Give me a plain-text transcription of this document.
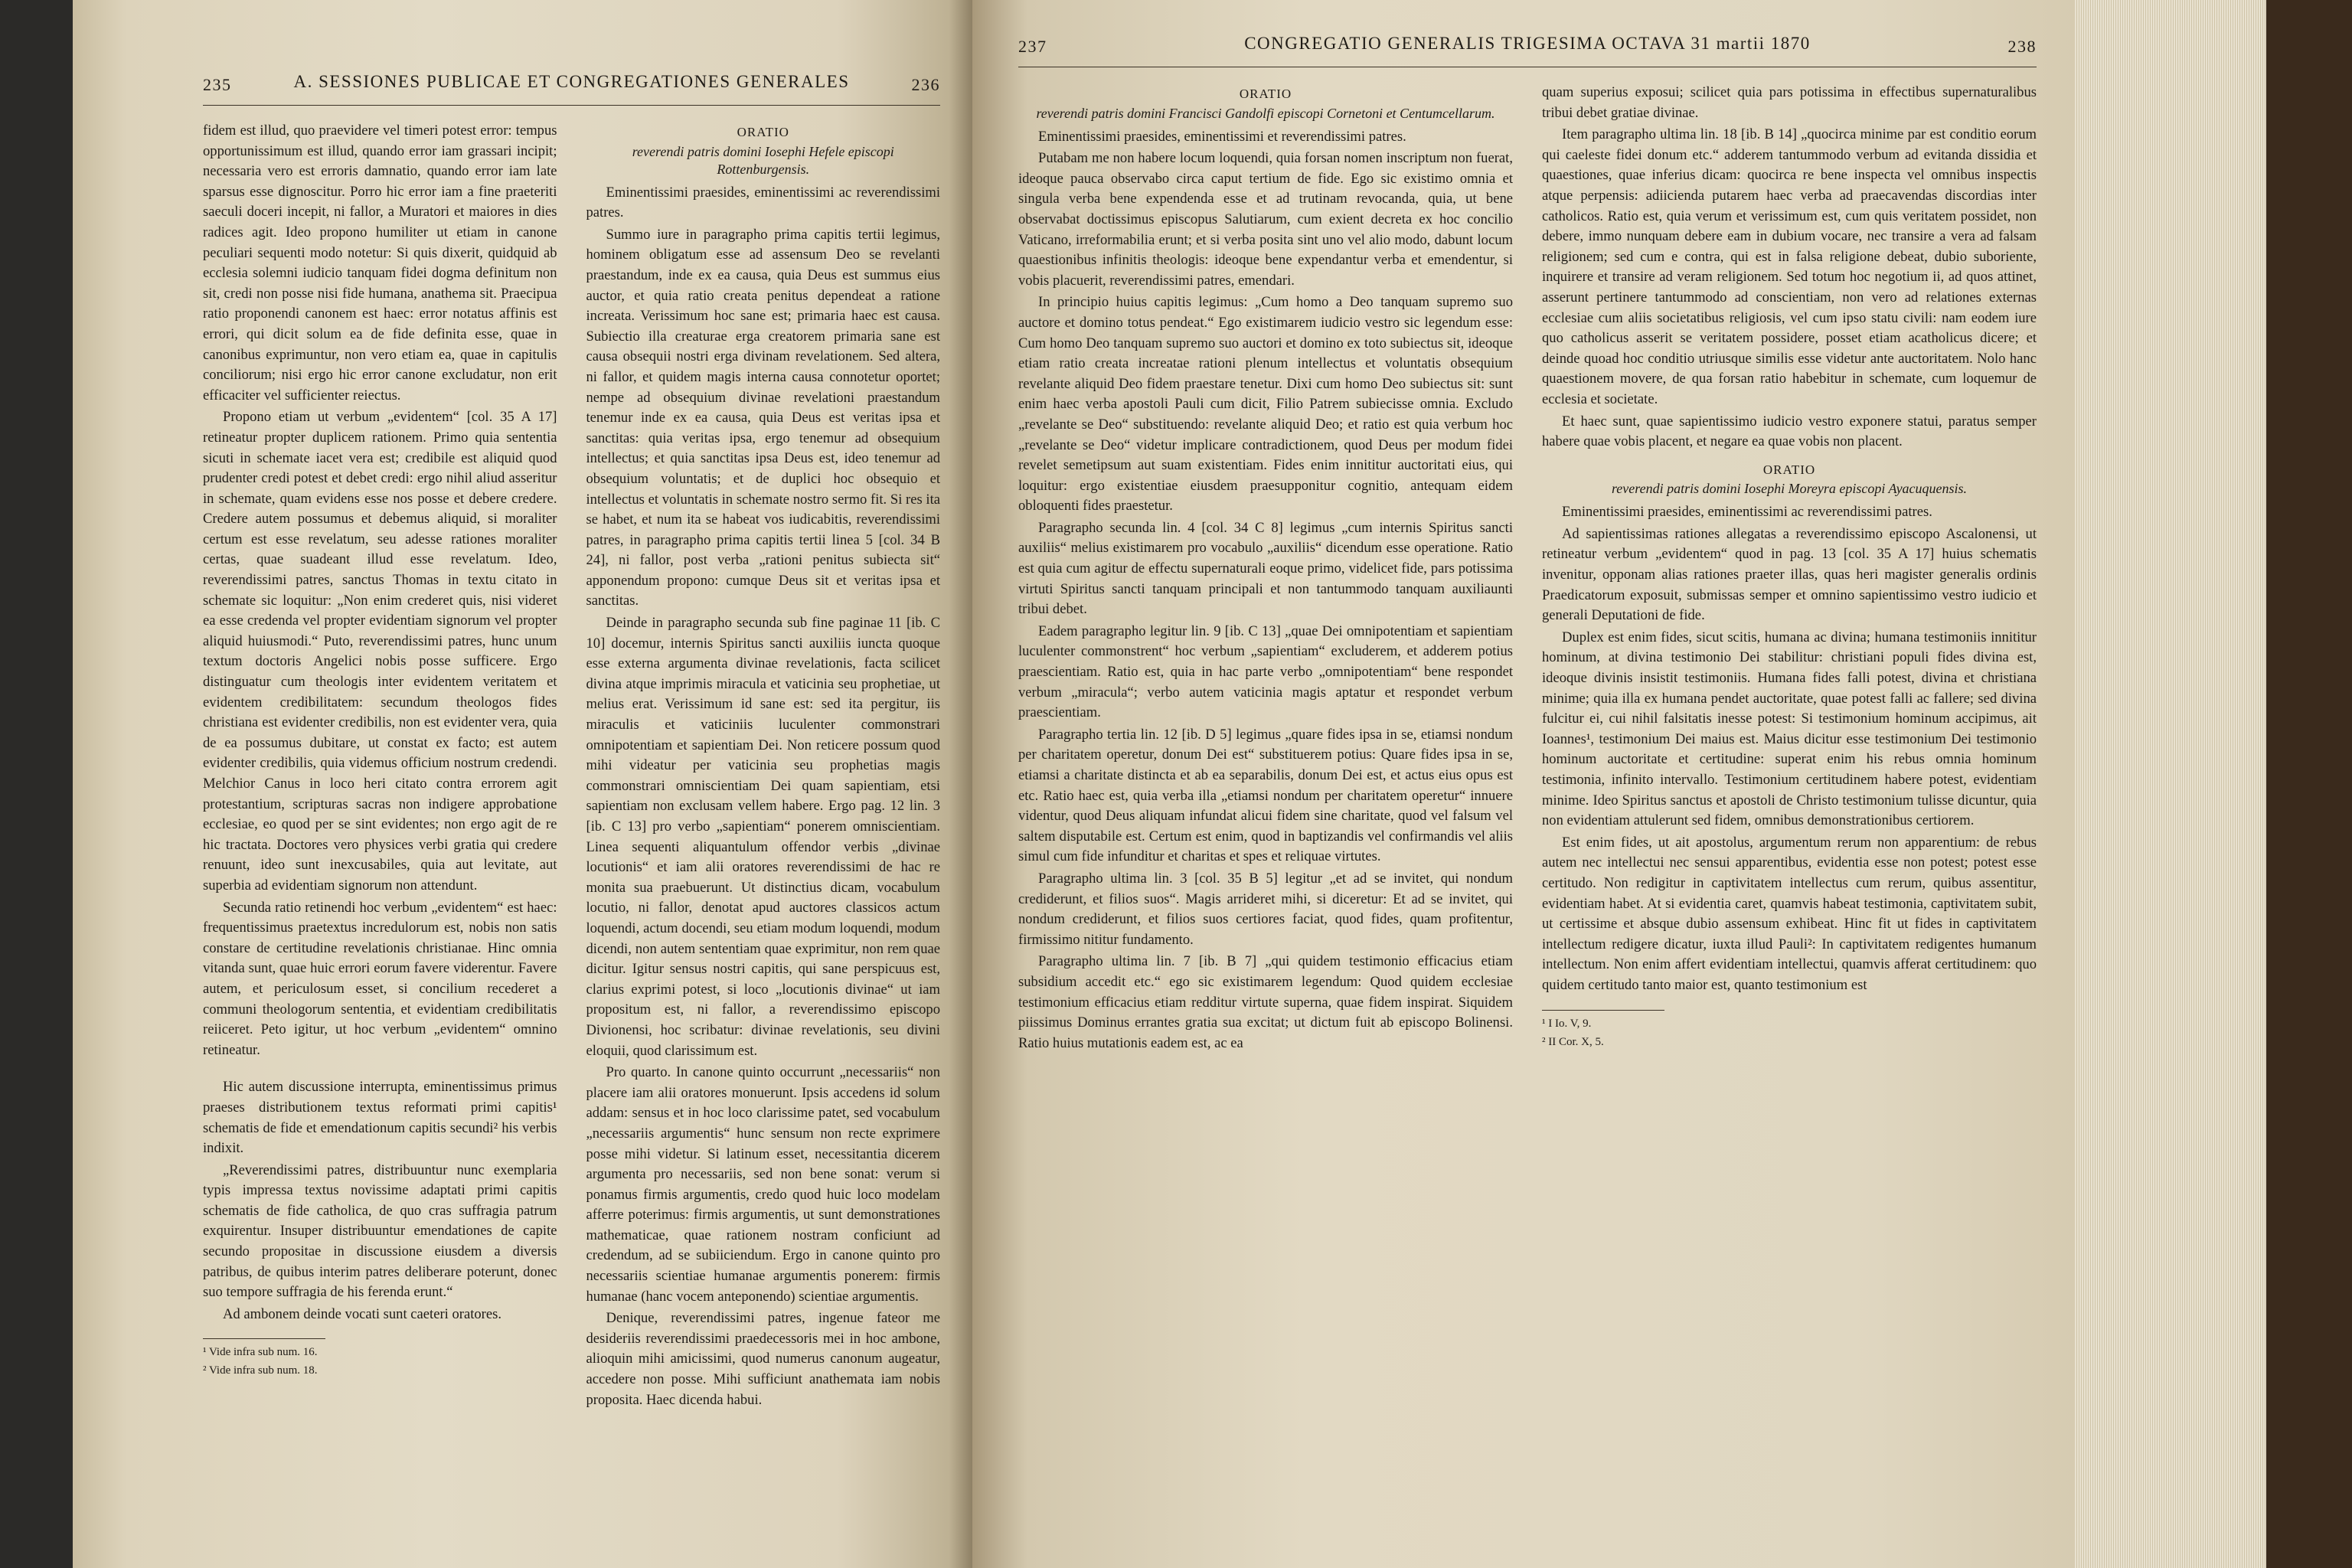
235	A. SESSIONES PUBLICAE ET CONGREGATIONES GENERALES	236

fidem est illud, quo praevidere vel timeri potest error: tempus opportunissimum est illud, quando error iam grassari incipit; necessaria vero est erroris damnatio, quando error iam late sparsus esse dignoscitur. Porro hic error iam a fine praeteriti saeculi doceri incepit, ni fallor, a Muratori et maiores in dies radices agit. Ideo propono humiliter ut etiam in canone peculiari sequenti modo notetur: Si quis dixerit, quidquid ab ecclesia solemni iudicio tanquam fidei dogma definitum non sit, credi non posse nisi fide humana, anathema sit. Praecipua ratio proponendi canonem est haec: error notatus affinis est errori, qui dicit solum ea de fide definita esse, quae in canonibus exprimuntur, non vero etiam ea, quae in capitulis conciliorum; nisi ergo hic error canone excludatur, non erit efficaciter vel sufficienter reiectus.

Propono etiam ut verbum „evidentem“ [col. 35 A 17] retineatur propter duplicem rationem. Primo quia sententia sicuti in schemate iacet vera est; credibile est aliquid quod prudenter credi potest et debet credi: ergo nihil aliud asseritur in schemate, quam evidens esse nos posse et debere credere. Credere autem possumus et debemus aliquid, si moraliter certum est esse revelatum, seu adesse rationes moraliter certas, quae suadeant illud esse revelatum. Ideo, reverendissimi patres, sanctus Thomas in textu citato in schemate sic loquitur: „Non enim crederet quis, nisi videret ea esse credenda vel propter evidentiam signorum vel propter aliquid huiusmodi.“ Puto, reverendissimi patres, hunc unum textum doctoris Angelici nobis posse sufficere. Ergo distinguatur cum theologis inter evidentem veritatem et evidentem credibilitatem: secundum theologos fides christiana est evidenter credibilis, non est evidenter vera, quia de ea possumus dubitare, ut constat ex facto; est autem evidenter credibilis, quia videmus officium nostrum credendi. Melchior Canus in loco heri citato contra errorem agit protestantium, scripturas sacras non indigere approbatione ecclesiae, eo quod per se sint evidentes; non ergo agit de re hic tractata. Doctores vero physices verbi gratia qui credere renuunt, ideo sunt inexcusabiles, quia aut levitate, aut superbia ad evidentiam signorum non attendunt.

Secunda ratio retinendi hoc verbum „evidentem“ est haec: frequentissimus praetextus incredulorum est, nobis non satis constare de certitudine revelationis christianae. Hinc omnia vitanda sunt, quae huic errori eorum favere viderentur. Favere autem, et periculosum esset, si concilium recederet a communi theologorum sententia, et evidentiam credibilitatis reiiceret. Peto igitur, ut hoc verbum „evidentem“ omnino retineatur.

Hic autem discussione interrupta, eminentissimus primus praeses distributionem textus reformati primi capitis¹ schematis de fide et emendationum capitis secundi² his verbis indixit.

„Reverendissimi patres, distribuuntur nunc exemplaria typis impressa textus novissime adaptati primi capitis schematis de fide catholica, de quo cras suffragia patrum exquirentur. Insuper distribuuntur emendationes de capite secundo propositae in discussione eiusdem a diversis patribus, de quibus interim patres deliberare poterunt, donec suo tempore suffragia de his ferenda erunt.“

Ad ambonem deinde vocati sunt caeteri oratores.

¹ Vide infra sub num. 16.

² Vide infra sub num. 18.

ORATIO

reverendi patris domini Iosephi Hefele episcopi Rottenburgensis.

Eminentissimi praesides, eminentissimi ac reverendissimi patres.

Summo iure in paragrapho prima capitis tertii legimus, hominem obligatum esse ad assensum Deo se revelanti praestandum, inde ex ea causa, quia Deus est summus eius auctor, et quia ratio creata penitus dependeat a ratione increata. Verissimum hoc sane est; primaria haec est causa. Subiectio illa creaturae erga creatorem primaria sane est causa obsequii nostri erga divinam revelationem. Sed altera, ni fallor, et quidem magis interna causa connotetur oportet; nempe ad obsequium divinae revelationi praestandum tenemur inde ex ea causa, quia Deus est veritas ipsa et sanctitas: quia veritas ipsa, ergo tenemur ad obsequium intellectus; et quia sanctitas ipsa Deus est, ideo tenemur ad obsequium voluntatis; et de duplici hoc obsequio et intellectus et voluntatis in schemate nostro sermo fit. Si res ita se habet, et num ita se habeat vos iudicabitis, reverendissimi patres, in paragrapho prima capitis tertii linea 5 [col. 34 B 24], ni fallor, post verba „rationi penitus subiecta sit“ apponendum propono: cumque Deus sit et veritas ipsa et sanctitas.

Deinde in paragrapho secunda sub fine paginae 11 [ib. C 10] docemur, internis Spiritus sancti auxiliis iuncta quoque esse externa argumenta divinae revelationis, facta scilicet divina atque imprimis miracula et vaticinia seu prophetiae, ut melius erat. Verissimum id sane est: sed ita pergitur, iis miraculis et vaticiniis luculenter commonstrari omnipotentiam et sapientiam Dei. Non reticere possum quod mihi videatur per vaticinia seu prophetias magis commonstrari omniscientiam Dei quam sapientiam, etsi sapientiam non exclusam vellem habere. Ergo pag. 12 lin. 3 [ib. C 13] pro verbo „sapientiam“ ponerem omniscientiam. Linea sequenti aliquantulum offendor verbis „divinae locutionis“ et iam alii oratores reverendissimi de hac re monita sua praebuerunt. Ut distinctius dicam, vocabulum locutio, ni fallor, denotat apud auctores classicos actum loquendi, actum docendi, seu etiam modum loquendi, modum dicendi, non autem sententiam quae exprimitur, non rem quae dicitur. Igitur sensus nostri capitis, qui sane perspicuus est, clarius exprimi potest, si loco „locutionis divinae“ ut iam propositum est, ni fallor, a reverendissimo episcopo Divionensi, hoc scribatur: divinae revelationis, seu divini eloquii, quod clarissimum est.

Pro quarto. In canone quinto occurrunt „necessariis“ non placere iam alii oratores monuerunt. Ipsis accedens id solum addam: sensus et in hoc loco clarissime patet, sed vocabulum „necessariis argumentis“ hunc sensum non recte exprimere posse mihi videtur. Si latinum esset, necessitantia dicerem argumenta pro necessariis, sed non bene sonat: verum si ponamus firmis argumentis, credo quod huic loco modelam afferre poterimus: firmis argumentis, ut sunt demonstrationes mathematicae, quae rationem nostram conficiunt ad credendum, ad se subiiciendum. Ergo in canone quinto pro necessariis scientiae humanae argumentis ponerem: firmis humanae (hanc vocem anteponendo) scientiae argumentis.

Denique, reverendissimi patres, ingenue fateor me desideriis reverendissimi praedecessoris mei in hoc ambone, alioquin mihi amicissimi, quod numerus canonum augeatur, accedere non posse. Mihi sufficiunt anathemata iam nobis proposita. Haec dicenda habui.

237	CONGREGATIO GENERALIS TRIGESIMA OCTAVA 31 martii 1870	238

ORATIO

reverendi patris domini Francisci Gandolfi episcopi Cornetoni et Centumcellarum.

Eminentissimi praesides, eminentissimi et reverendissimi patres.

Putabam me non habere locum loquendi, quia forsan nomen inscriptum non fuerat, ideoque pauca observabo circa caput tertium de fide. Ego sic existimo omnia et singula verba bene expendenda esse et ad trutinam revocanda, quia, ut bene observabat doctissimus episcopus Salutiarum, cum exient decreta ex hoc concilio Vaticano, irreformabilia erunt; et si verba posita sint uno vel alio modo, dabunt locum quaestionibus infinitis theologis: ideoque bene expendantur verba et emendentur, si vobis placuerit, reverendissimi patres, emendari.

In principio huius capitis legimus: „Cum homo a Deo tanquam supremo suo auctore et domino totus pendeat.“ Ego existimarem iudicio vestro sic legendum esse: Cum homo Deo tanquam supremo suo auctori et domino ex toto subiectus sit, ideoque etiam ratio creata increatae rationi plenum intellectus et voluntatis obsequium revelante aliquid Deo fidem praestare tenetur. Dixi cum homo Deo subiectus sit: sunt enim haec verba apostoli Pauli cum dicit, Filio Patrem subiecisse omnia. Excludo „revelante se Deo“ substituendo: revelante aliquid Deo; et ratio est quia verbum hoc „revelante se Deo“ videtur implicare contradictionem, quod Deus per modum fidei revelet semetipsum aut suam existentiam. Fides enim innititur auctoritati eius, qui loquitur: ergo existentiae eiusdem praesupponitur cognitio, antequam eidem obloquenti fides praestetur.

Paragrapho secunda lin. 4 [col. 34 C 8] legimus „cum internis Spiritus sancti auxiliis“ melius existimarem pro vocabulo „auxiliis“ dicendum esse operatione. Ratio est quia cum agitur de effectu supernaturali eoque primo, videlicet fide, pars potissima virtuti Spiritus sancti tanquam principali et non tantummodo tanquam auxiliaunti tribui debet.

Eadem paragrapho legitur lin. 9 [ib. C 13] „quae Dei omnipotentiam et sapientiam luculenter commonstrent“ hoc verbum „sapientiam“ excluderem, et adderem potius praescientiam. Ratio est, quia in hac parte verbo „omnipotentiam“ bene respondet verbum „miracula“; verbo autem vaticinia magis aptatur et respondet verbum praescientiam.

Paragrapho tertia lin. 12 [ib. D 5] legimus „quare fides ipsa in se, etiamsi nondum per charitatem operetur, donum Dei est“ substituerem potius: Quare fides ipsa in se, etiamsi a charitate distincta et ab ea separabilis, donum Dei est, et actus eius opus est etc. Ratio haec est, quia verba illa „etiamsi nondum per charitatem operetur“ innuere videntur, quod Deus aliquam infundat alicui fidem sine charitate, quod vel falsum vel saltem disputabile est. Certum est enim, quod in baptizandis vel confirmandis vel aliis simul cum fide infunditur et charitas et spes et reliquae virtutes.

Paragrapho ultima lin. 3 [col. 35 B 5] legitur „et ad se invitet, qui nondum crediderunt, et filios suos“. Magis arrideret mihi, si diceretur: Et ad se invitet, qui nondum crediderunt, et filios suos certiores faciat, quod fides, quam profitentur, firmissimo nititur fundamento.

Paragrapho ultima lin. 7 [ib. B 7] „qui quidem testimonio efficacius etiam subsidium accedit etc.“ ego sic existimarem legendum: Quod quidem ecclesiae testimonium efficacius etiam redditur virtute superna, quae fidem inspirat. Siquidem piissimus Dominus errantes gratia sua excitat; ut dictum fuit ab episcopo Bolinensi. Ratio huius mutationis eadem est, ac ea

quam superius exposui; scilicet quia pars potissima in effectibus supernaturalibus tribui debet gratiae divinae.

Item paragrapho ultima lin. 18 [ib. B 14] „quocirca minime par est conditio eorum qui caeleste fidei donum etc.“ adderem tantummodo verbum ad evitanda dissidia et quaestiones, quae inferius dicam: quocirca re bene inspecta vel omnibus inspectis atque perpensis: adiicienda putarem haec verba ad praecavendas discordias inter catholicos. Ratio est, quia verum et verissimum est, cum quis veritatem possidet, non debere, immo nunquam debere eam in dubium vocare, nec transire a vera ad falsam religionem; sed cum e contra, qui est in falsa religione debeat, dubio suboriente, inquirere et transire ad veram religionem. Sed totum hoc negotium ii, ad quos attinet, asserunt pertinere tantummodo ad conscientiam, non vero ad relationes externas ecclesiae cum aliis societatibus religiosis, vel cum ipso statu civili: nam eodem iure quo catholicus asserit se veritatem possidere, posset etiam acatholicus dicere; et deinde quoad hoc conditio utriusque similis esse videtur ante auctoritatem. Nolo hanc quaestionem movere, de qua forsan ratio habebitur in schemate, cum loquemur de ecclesia et societate.

Et haec sunt, quae sapientissimo iudicio vestro exponere statui, paratus semper habere quae vobis placent, et negare ea quae vobis non placent.

ORATIO

reverendi patris domini Iosephi Moreyra episcopi Ayacuquensis.

Eminentissimi praesides, eminentissimi ac reverendissimi patres.

Ad sapientissimas rationes allegatas a reverendissimo episcopo Ascalonensi, ut retineatur verbum „evidentem“ quod in pag. 13 [col. 35 A 17] huius schematis invenitur, opponam alias rationes praeter illas, quas heri magister generalis ordinis Praedicatorum exposuit, submissas semper et omnino sapientissimo vestro iudicio et generali Deputationi de fide.

Duplex est enim fides, sicut scitis, humana ac divina; humana testimoniis innititur hominum, at divina testimonio Dei stabilitur: christiani populi fides divina est, ideoque divinis insistit testimoniis. Humana fides falli potest, divina et christiana minime; quia illa ex humana pendet auctoritate, quae potest falli ac fallere; sed divina fulcitur ei, cui nihil falsitatis inesse potest: Si testimonium hominum accipimus, ait Ioannes¹, testimonium Dei maius est. Maius dicitur esse testimonium Dei testimonio hominum auctoritate et certitudine: superat enim his rebus omnia hominum testimonia, infinito intervallo. Testimonium certitudinem habere potest, evidentiam minime. Ideo Spiritus sanctus et apostoli de Christo testimonium tulisse dicuntur, quia non evidentiam attulerunt sed fidem, omnibus demonstrationibus certiorem.

Est enim fides, ut ait apostolus, argumentum rerum non apparentium: de rebus autem nec intellectui nec sensui apparentibus, evidentia esse non potest; potest esse certitudo. Non redigitur in captivitatem intellectus cum rerum, quibus assentitur, evidentiam habet. At si evidentia caret, quamvis habeat testimonia, captivitatem subit, ut certissime et absque dubio assensum exhibeat. Hinc fit ut fides in captivitatem intellectum redigere dicatur, iuxta illud Pauli²: In captivitatem redigentes humanum intellectum. Non enim affert evidentiam intellectui, quamvis afferat certitudinem: quo quidem certitudo tanto maior est, quanto testimonium est

¹ I Io. V, 9.

² II Cor. X, 5.
